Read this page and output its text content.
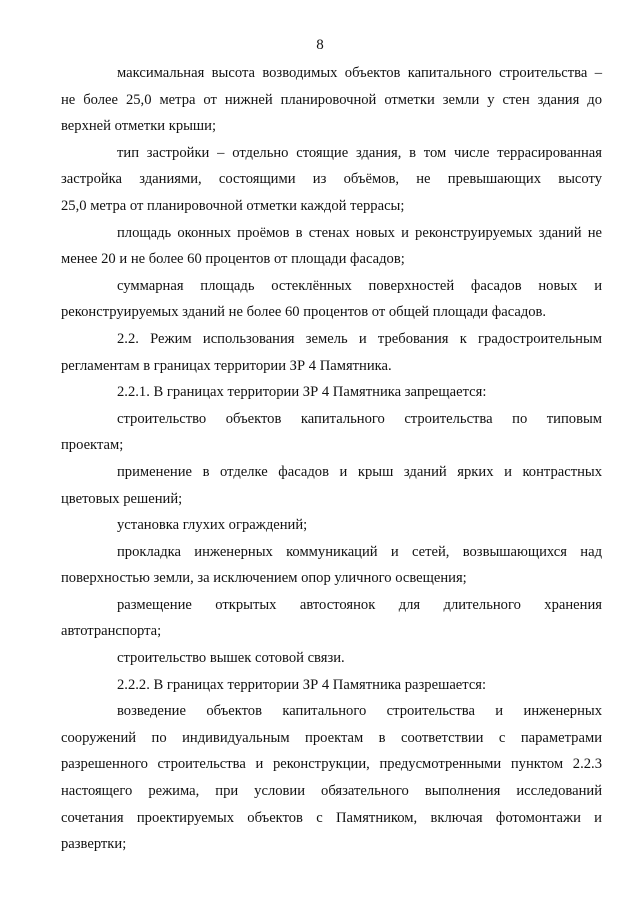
8
максимальная высота возводимых объектов капитального строительства –
не более 25,0 метра от нижней планировочной отметки земли у стен здания до
верхней отметки крыши;
тип застройки – отдельно стоящие здания, в том числе террасированная
застройка зданиями, состоящими из объёмов, не превышающих высоту
25,0 метра от планировочной отметки каждой террасы;
площадь оконных проёмов в стенах новых и реконструируемых зданий не
менее 20 и не более 60 процентов от площади фасадов;
суммарная площадь остеклённых поверхностей фасадов новых и
реконструируемых зданий не более 60 процентов от общей площади фасадов.
2.2. Режим использования земель и требования к градостроительным
регламентам в границах территории ЗР 4 Памятника.
2.2.1. В границах территории ЗР 4 Памятника запрещается:
строительство объектов капитального строительства по типовым
проектам;
применение в отделке фасадов и крыш зданий ярких и контрастных
цветовых решений;
установка глухих ограждений;
прокладка инженерных коммуникаций и сетей, возвышающихся над
поверхностью земли, за исключением опор уличного освещения;
размещение открытых автостоянок для длительного хранения
автотранспорта;
строительство вышек сотовой связи.
2.2.2. В границах территории ЗР 4 Памятника разрешается:
возведение объектов капитального строительства и инженерных
сооружений по индивидуальным проектам в соответствии с параметрами
разрешенного строительства и реконструкции, предусмотренными пунктом 2.2.3
настоящего режима, при условии обязательного выполнения исследований
сочетания проектируемых объектов с Памятником, включая фотомонтажи и
развертки;
